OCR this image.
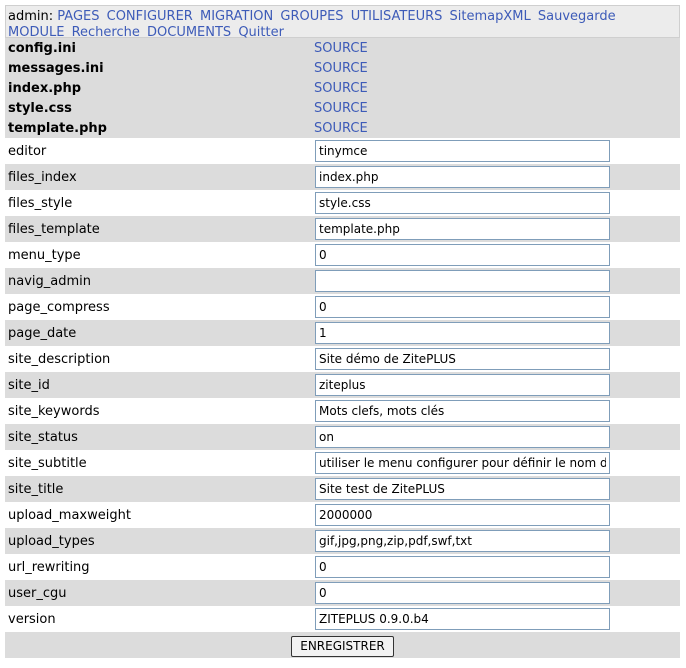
admin: PAGES CONFIGURER MIGRATION GROUPES UTILISATEURS SitemapXML Sauvegarde MODULE Recherche DOCUMENTS Quitter
config.ini	SOURCE
messages.ini	SOURCE
index.php	SOURCE
style.css	SOURCE
template.php	SOURCE
editor	tinymce
files_index	index.php
files_style	style.css
files_template	template.php
menu_type	0
navig_admin	
page_compress	0
page_date	1
site_description	Site démo de ZitePLUS
site_id	ziteplus
site_keywords	Mots clefs, mots clés
site_status	on
site_subtitle	utiliser le menu configurer pour définir le nom du site
site_title	Site test de ZitePLUS
upload_maxweight	2000000
upload_types	gif,jpg,png,zip,pdf,swf,txt
url_rewriting	0
user_cgu	0
version	ZITEPLUS 0.9.0.b4
ENREGISTRER	
